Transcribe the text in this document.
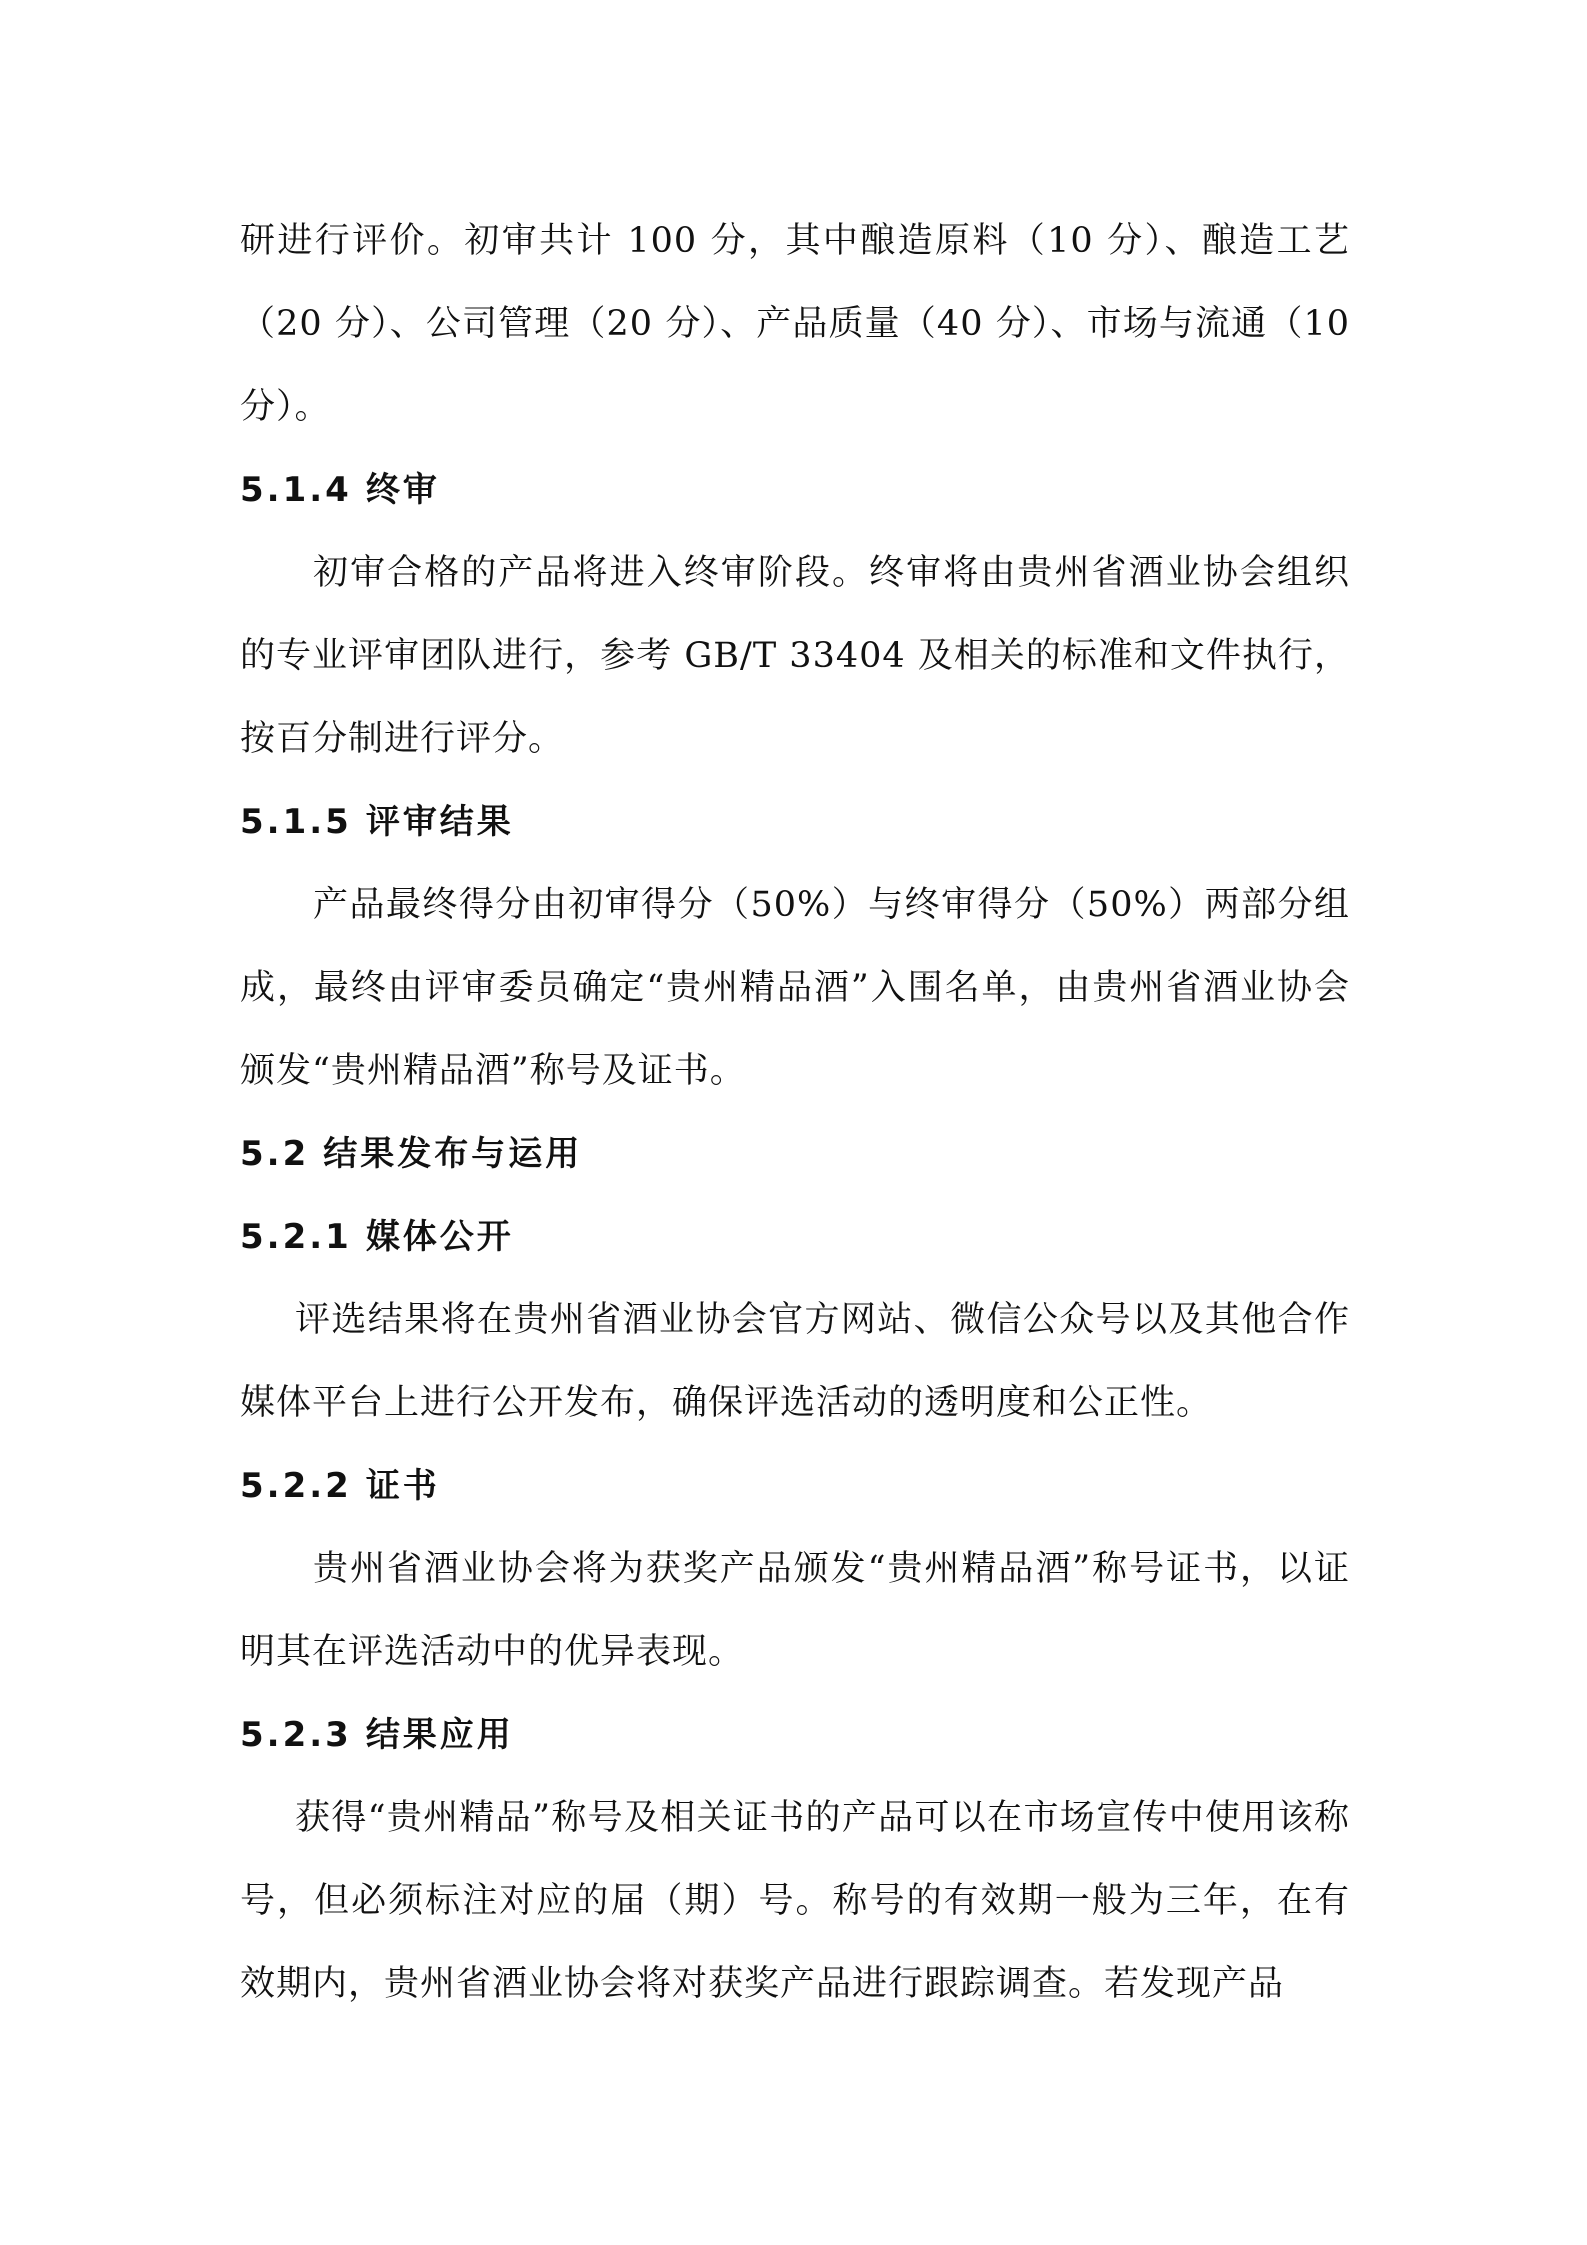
研进行评价。初审共计 100 分，其中酿造原料（10 分）、酿造工艺（20 分）、公司管理（20 分）、产品质量（40 分）、市场与流通（10 分）。

5.1.4 终审

初审合格的产品将进入终审阶段。终审将由贵州省酒业协会组织的专业评审团队进行，参考 GB/T 33404 及相关的标准和文件执行，按百分制进行评分。

5.1.5 评审结果

产品最终得分由初审得分（50%）与终审得分（50%）两部分组成，最终由评审委员确定“贵州精品酒”入围名单，由贵州省酒业协会颁发“贵州精品酒”称号及证书。

5.2 结果发布与运用
5.2.1 媒体公开

评选结果将在贵州省酒业协会官方网站、微信公众号以及其他合作媒体平台上进行公开发布，确保评选活动的透明度和公正性。

5.2.2 证书

贵州省酒业协会将为获奖产品颁发“贵州精品酒”称号证书，以证明其在评选活动中的优异表现。

5.2.3 结果应用

获得“贵州精品”称号及相关证书的产品可以在市场宣传中使用该称号，但必须标注对应的届（期）号。称号的有效期一般为三年，在有效期内，贵州省酒业协会将对获奖产品进行跟踪调查。若发现产品
